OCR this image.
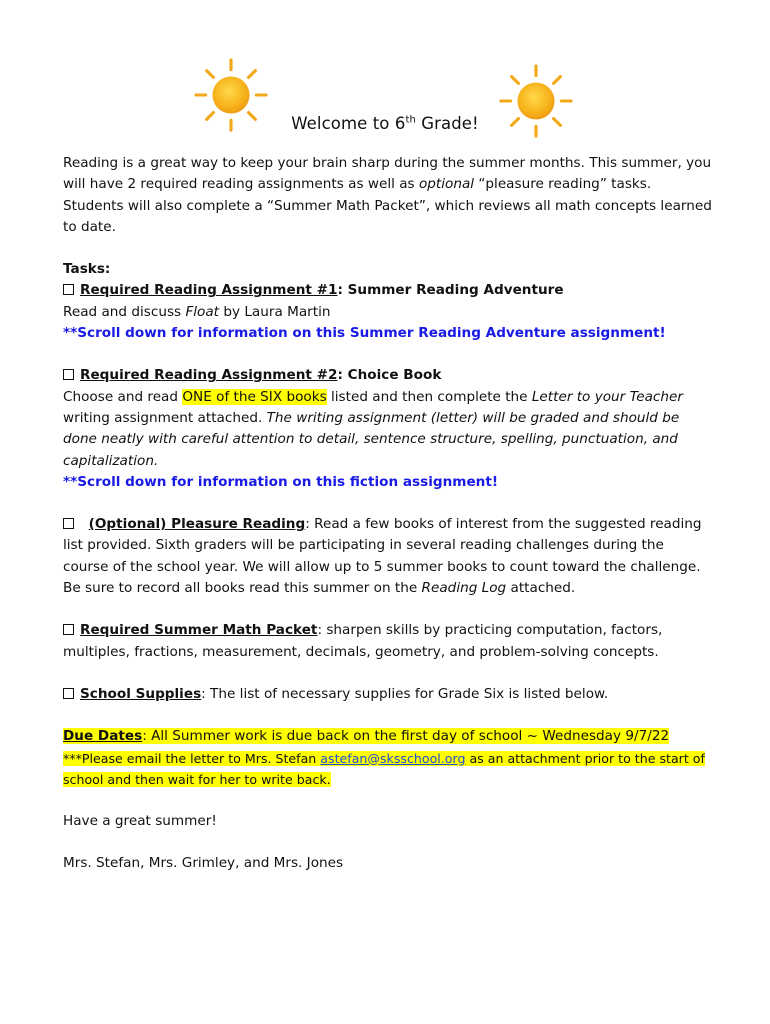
Welcome to 6th Grade!

Reading is a great way to keep your brain sharp during the summer months. This summer, you will have 2 required reading assignments as well as optional “pleasure reading” tasks. Students will also complete a “Summer Math Packet”, which reviews all math concepts learned to date.

Tasks:

Required Reading Assignment #1: Summer Reading Adventure

Read and discuss Float by Laura Martin

**Scroll down for information on this Summer Reading Adventure assignment!

Required Reading Assignment #2: Choice Book

Choose and read ONE of the SIX books listed and then complete the Letter to your Teacher writing assignment attached. The writing assignment (letter) will be graded and should be done neatly with careful attention to detail, sentence structure, spelling, punctuation, and capitalization.

**Scroll down for information on this fiction assignment!

(Optional) Pleasure Reading: Read a few books of interest from the suggested reading list provided. Sixth graders will be participating in several reading challenges during the course of the school year. We will allow up to 5 summer books to count toward the challenge. Be sure to record all books read this summer on the Reading Log attached.

Required Summer Math Packet: sharpen skills by practicing computation, factors, multiples, fractions, measurement, decimals, geometry, and problem-solving concepts.

School Supplies: The list of necessary supplies for Grade Six is listed below.

Due Dates: All Summer work is due back on the first day of school ~ Wednesday 9/7/22

***Please email the letter to Mrs. Stefan astefan@sksschool.org as an attachment prior to the start of school and then wait for her to write back.

Have a great summer!

Mrs. Stefan, Mrs. Grimley, and Mrs. Jones
